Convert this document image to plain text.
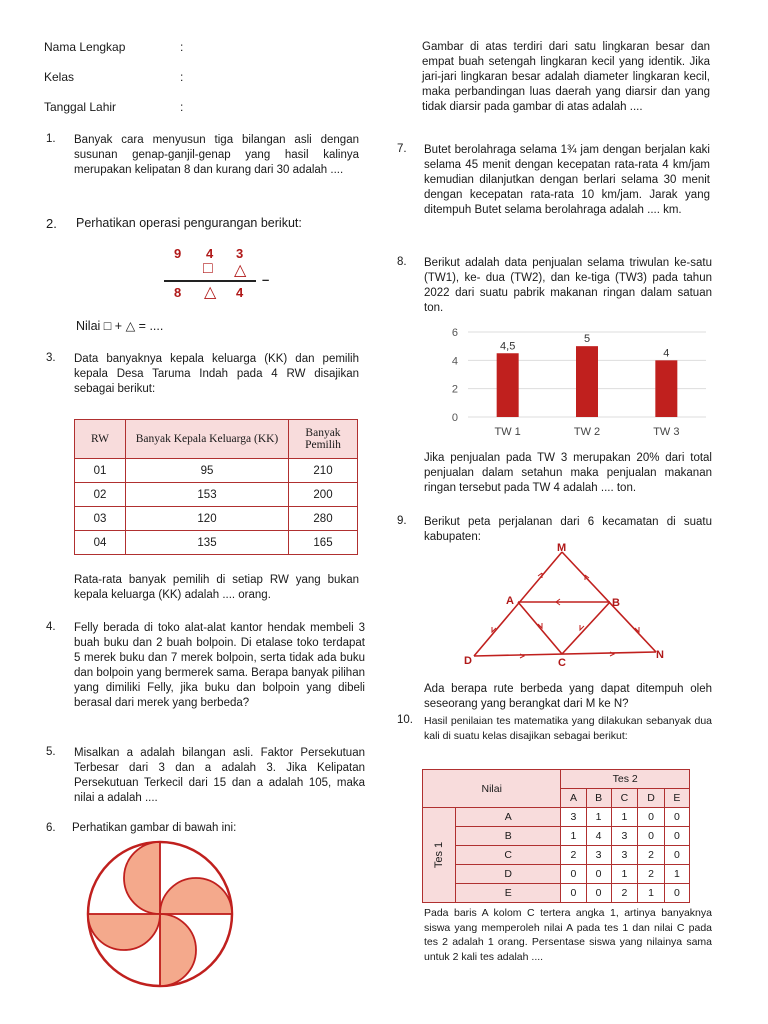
Nama Lengkap	:
Kelas	:
Tanggal Lahir	:
1. Banyak cara menyusun tiga bilangan asli dengan susunan genap-ganjil-genap yang hasil kalinya merupakan kelipatan 8 dan kurang dari 30 adalah ....
2. Perhatikan operasi pengurangan berikut:
9 4 3
□ △
–
8 △ 4
Nilai □ + △ = ....
3. Data banyaknya kepala keluarga (KK) dan pemilih kepala Desa Taruma Indah pada 4 RW disajikan sebagai berikut:
RW	Banyak Kepala Keluarga (KK)	Banyak Pemilih
01	95	210
02	153	200
03	120	280
04	135	165
Rata-rata banyak pemilih di setiap RW yang bukan kepala keluarga (KK) adalah .... orang.
4. Felly berada di toko alat-alat kantor hendak membeli 3 buah buku dan 2 buah bolpoin. Di etalase toko terdapat 5 merek buku dan 7 merek bolpoin, serta tidak ada buku dan bolpoin yang bermerek sama. Berapa banyak pilihan yang dimiliki Felly, jika buku dan bolpoin yang dibeli berasal dari merek yang berbeda?
5. Misalkan a adalah bilangan asli. Faktor Persekutuan Terbesar dari 3 dan a adalah 3. Jika Kelipatan Persekutuan Terkecil dari 15 dan a adalah 105, maka nilai a adalah ....
6. Perhatikan gambar di bawah ini:
Gambar di atas terdiri dari satu lingkaran besar dan empat buah setengah lingkaran kecil yang identik. Jika jari-jari lingkaran besar adalah diameter lingkaran kecil, maka perbandingan luas daerah yang diarsir dan yang tidak diarsir pada gambar di atas adalah ....
7. Butet berolahraga selama 1¾ jam dengan berjalan kaki selama 45 menit dengan kecepatan rata-rata 4 km/jam kemudian dilanjutkan dengan berlari selama 30 menit dengan kecepatan rata-rata 10 km/jam. Jarak yang ditempuh Butet selama berolahraga adalah .... km.
8. Berikut adalah data penjualan selama triwulan ke-satu (TW1), ke- dua (TW2), dan ke-tiga (TW3) pada tahun 2022 dari suatu pabrik makanan ringan dalam satuan ton.
0
2
4
6
4,5
TW 1
5
TW 2
4
TW 3
Jika penjualan pada TW 3 merupakan 20% dari total penjualan dalam setahun maka penjualan makanan ringan tersebut pada TW 4 adalah .... ton.
9. Berikut peta perjalanan dari 6 kecamatan di suatu kabupaten:
M
A	B
D	C
N
Ada berapa rute berbeda yang dapat ditempuh oleh seseorang yang berangkat dari M ke N?
10. Hasil penilaian tes matematika yang dilakukan sebanyak dua kali di suatu kelas disajikan sebagai berikut:
Nilai		Tes 2				
		A	B	C	D	E

Tes 1	A	3	1	1	0	0
	B	1	4	3	0	0
	C	2	3	3	2	0
	D	0	0	1	2	1
	E	0	0	2	1	0
Pada baris A kolom C tertera angka 1, artinya banyaknya siswa yang memperoleh nilai A pada tes 1 dan nilai C pada tes 2 adalah 1 orang. Persentase siswa yang nilainya sama untuk 2 kali tes adalah ....
